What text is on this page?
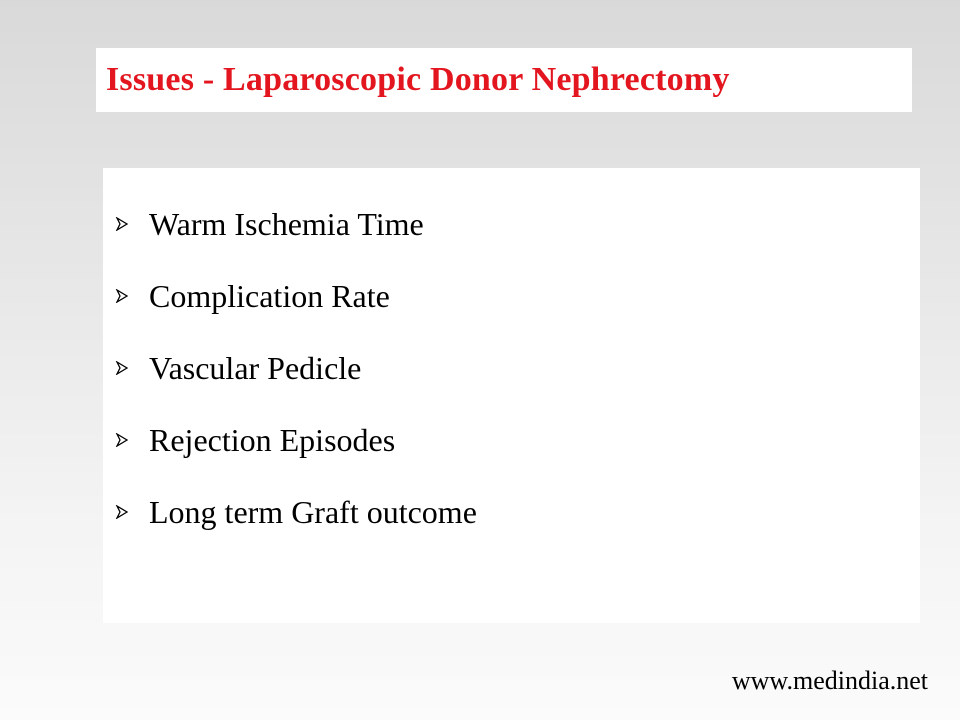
Issues - Laparoscopic Donor Nephrectomy
Warm Ischemia Time
Complication Rate
Vascular Pedicle
Rejection Episodes
Long term Graft outcome
www.medindia.net
